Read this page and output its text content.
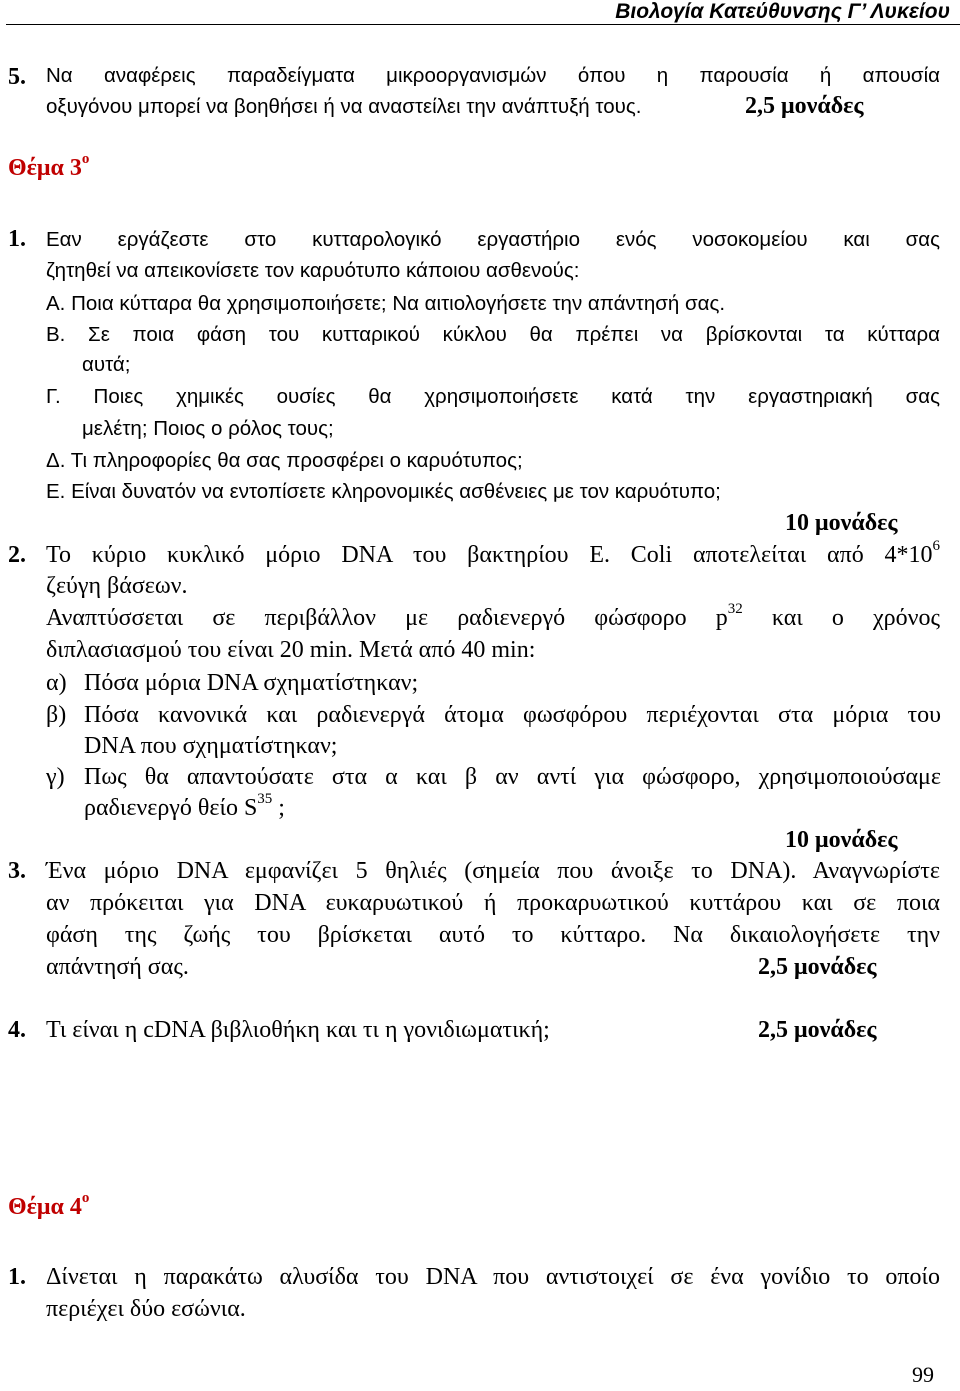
Βιολογία Κατεύθυνσης Γ’ Λυκείου
5. Να αναφέρεις παραδείγματα μικροοργανισμών όπου η παρουσία ή απουσία
οξυγόνου μπορεί να βοηθήσει ή να αναστείλει την ανάπτυξή τους.	2,5 μονάδες
Θέμα $3^o$
1. Εαν εργάζεστε στο κυτταρολογικό εργαστήριο ενός νοσοκομείου και σας
ζητηθεί να απεικονίσετε τον καρυότυπο κάποιου ασθενούς:
Α. Ποια κύτταρα θα χρησιμοποιήσετε; Να αιτιολογήσετε την απάντησή σας.
Β. Σε ποια φάση του κυτταρικού κύκλου θα πρέπει να βρίσκονται τα κύτταρα
αυτά;
Γ. Ποιες χημικές ουσίες θα χρησιμοποιήσετε κατά την εργαστηριακή σας
μελέτη; Ποιος ο ρόλος τους;
Δ. Τι πληροφορίες θα σας προσφέρει ο καρυότυπος;
Ε. Είναι δυνατόν να εντοπίσετε κληρονομικές ασθένειες με τον καρυότυπο;
10 μονάδες
2. Το κύριο κυκλικό μόριο DNA του βακτηρίου E. Coli αποτελείται από $4*10^6$
ζεύγη βάσεων.
Αναπτύσσεται σε περιβάλλον με ραδιενεργό φώσφορο $p^{32}$ και ο χρόνος
διπλασιασμού του είναι 20 min. Μετά από 40 min:
α) Πόσα μόρια DNA σχηματίστηκαν;
β) Πόσα κανονικά και ραδιενεργά άτομα φωσφόρου περιέχονται στα μόρια του
DNA που σχηματίστηκαν;
γ) Πως θα απαντούσατε στα α και β αν αντί για φώσφορο, χρησιμοποιούσαμε
ραδιενεργό θείο $S^{35}$ ;
10 μονάδες
3. Ένα μόριο DNA εμφανίζει 5 θηλιές (σημεία που άνοιξε το DNA). Αναγνωρίστε
αν πρόκειται για DNA ευκαρυωτικού ή προκαρυωτικού κυττάρου και σε ποια
φάση της ζωής του βρίσκεται αυτό το κύτταρο. Να δικαιολογήσετε την
απάντησή σας.	2,5 μονάδες
4. Τι είναι η cDNA βιβλιοθήκη και τι η γονιδιωματική;	2,5 μονάδες
Θέμα $4^o$
1. Δίνεται η παρακάτω αλυσίδα του DNA που αντιστοιχεί σε ένα γονίδιο το οποίο
περιέχει δύο εσώνια.
99
